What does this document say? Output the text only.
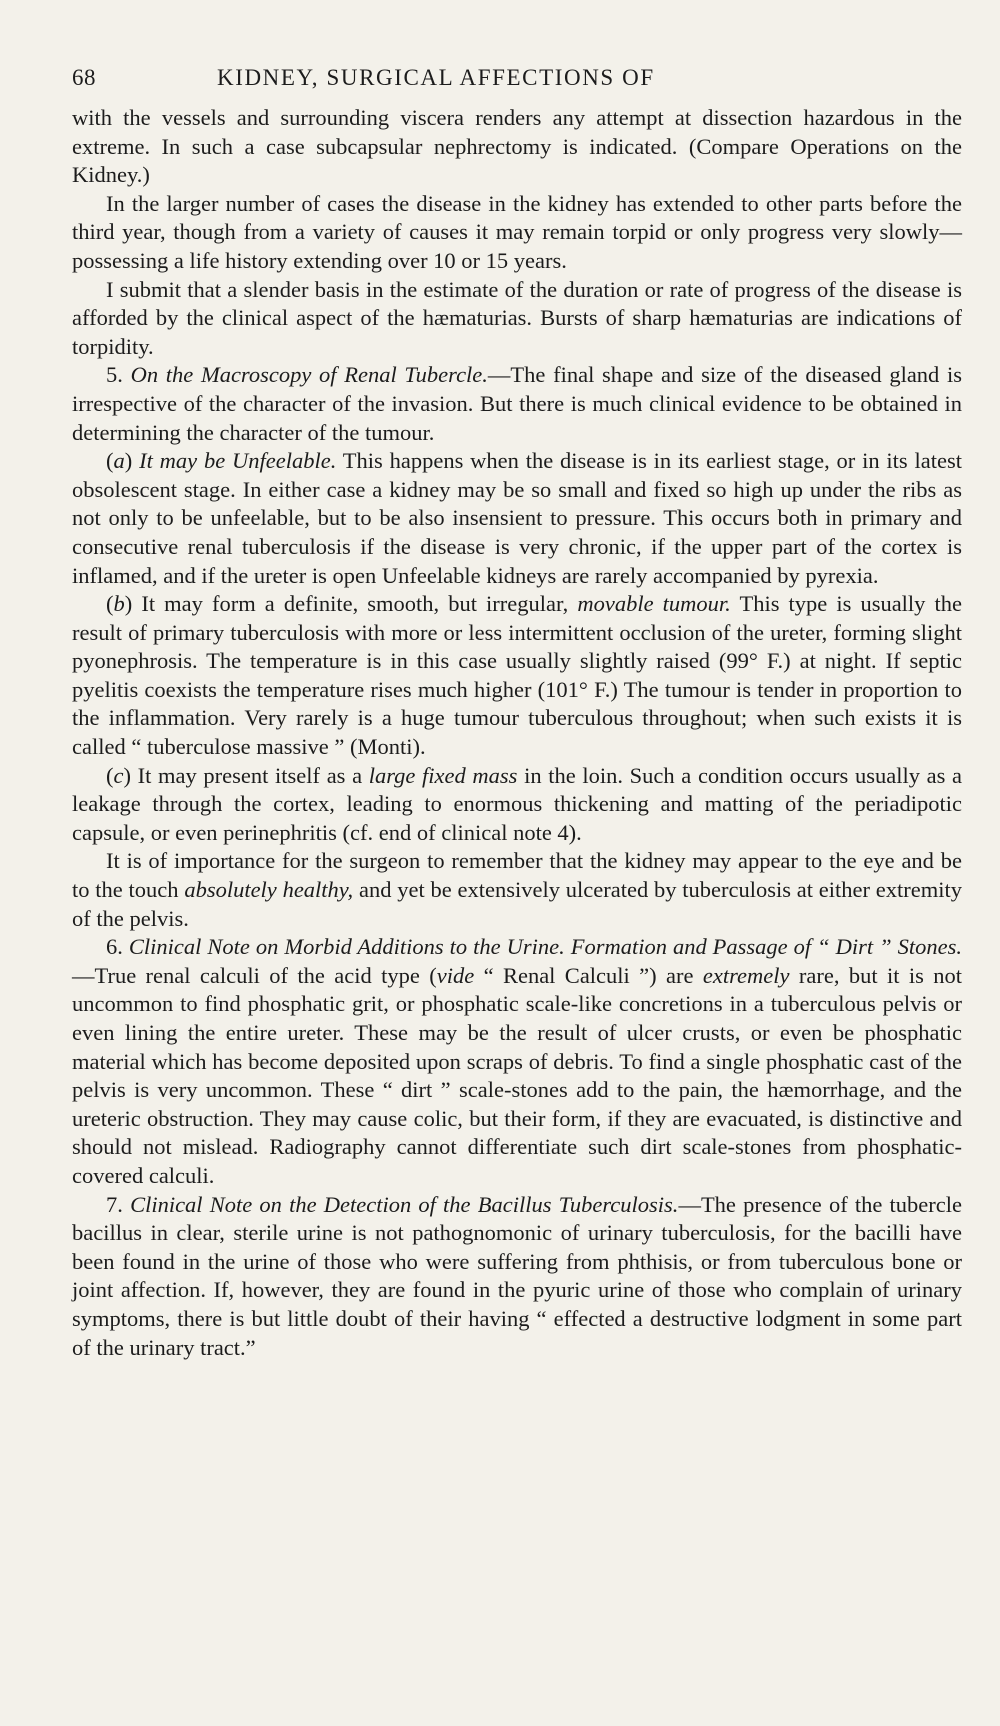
68	KIDNEY, SURGICAL AFFECTIONS OF

with the vessels and surrounding viscera renders any attempt at dissection hazardous in the extreme. In such a case subcapsular nephrectomy is indicated. (Compare Operations on the Kidney.)

In the larger number of cases the disease in the kidney has extended to other parts before the third year, though from a variety of causes it may remain torpid or only progress very slowly—possessing a life history extending over 10 or 15 years.

I submit that a slender basis in the estimate of the duration or rate of progress of the disease is afforded by the clinical aspect of the hæmaturias. Bursts of sharp hæmaturias are indications of torpidity.

5. On the Macroscopy of Renal Tubercle.—The final shape and size of the diseased gland is irrespective of the character of the invasion. But there is much clinical evidence to be obtained in determining the character of the tumour.

(a) It may be Unfeelable. This happens when the disease is in its earliest stage, or in its latest obsolescent stage. In either case a kidney may be so small and fixed so high up under the ribs as not only to be unfeelable, but to be also insensient to pressure. This occurs both in primary and consecutive renal tuberculosis if the disease is very chronic, if the upper part of the cortex is inflamed, and if the ureter is open Unfeelable kidneys are rarely accompanied by pyrexia.

(b) It may form a definite, smooth, but irregular, movable tumour. This type is usually the result of primary tuberculosis with more or less intermittent occlusion of the ureter, forming slight pyonephrosis. The temperature is in this case usually slightly raised (99° F.) at night. If septic pyelitis coexists the temperature rises much higher (101° F.) The tumour is tender in proportion to the inflammation. Very rarely is a huge tumour tuberculous throughout; when such exists it is called “ tuberculose massive ” (Monti).

(c) It may present itself as a large fixed mass in the loin. Such a condition occurs usually as a leakage through the cortex, leading to enormous thickening and matting of the periadipotic capsule, or even perinephritis (cf. end of clinical note 4).

It is of importance for the surgeon to remember that the kidney may appear to the eye and be to the touch absolutely healthy, and yet be extensively ulcerated by tuberculosis at either extremity of the pelvis.

6. Clinical Note on Morbid Additions to the Urine. Formation and Passage of “ Dirt ” Stones.—True renal calculi of the acid type (vide “ Renal Calculi ”) are extremely rare, but it is not uncommon to find phosphatic grit, or phosphatic scale-like concretions in a tuberculous pelvis or even lining the entire ureter. These may be the result of ulcer crusts, or even be phosphatic material which has become deposited upon scraps of debris. To find a single phosphatic cast of the pelvis is very uncommon. These “ dirt ” scale-stones add to the pain, the hæmorrhage, and the ureteric obstruction. They may cause colic, but their form, if they are evacuated, is distinctive and should not mislead. Radiography cannot differentiate such dirt scale-stones from phosphatic-covered calculi.

7. Clinical Note on the Detection of the Bacillus Tuberculosis.—The presence of the tubercle bacillus in clear, sterile urine is not pathognomonic of urinary tuberculosis, for the bacilli have been found in the urine of those who were suffering from phthisis, or from tuberculous bone or joint affection. If, however, they are found in the pyuric urine of those who complain of urinary symptoms, there is but little doubt of their having “ effected a destructive lodgment in some part of the urinary tract.”
